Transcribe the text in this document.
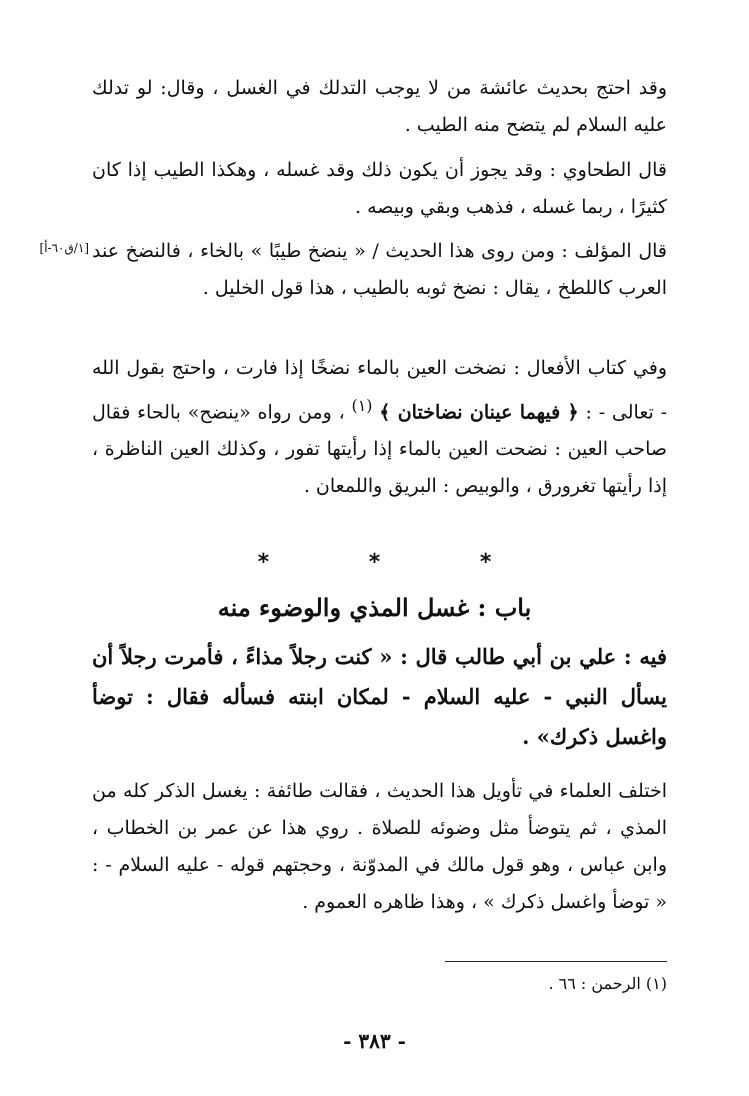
وقد احتج بحديث عائشة من لا يوجب التدلك في الغسل ، وقال: لو تدلك عليه السلام لم يتضح منه الطيب .

قال الطحاوي : وقد يجوز أن يكون ذلك وقد غسله ، وهكذا الطيب إذا كان كثيرًا ، ربما غسله ، فذهب وبقي وبيصه .

[١/ق٦٠-أ] قال المؤلف : ومن روى هذا الحديث / « ينضخ طيبًا » بالخاء ، فالنضخ عند العرب كاللطخ ، يقال : نضخ ثوبه بالطيب ، هذا قول الخليل .

وفي كتاب الأفعال : نضخت العين بالماء نضخًا إذا فارت ، واحتج بقول الله - تعالى - : ﴿ فيهما عينان نضاختان ﴾ $^{(١)}$ ، ومن رواه «ينضح» بالحاء فقال صاحب العين : نضحت العين بالماء إذا رأيتها تفور ، وكذلك العين الناظرة ، إذا رأيتها تغرورق ، والوبيص : البريق واللمعان .

* * *
باب : غسل المذي والوضوء منه

فيه : علي بن أبي طالب قال : « كنت رجلاً مذاءً ، فأمرت رجلاً أن يسأل النبي - عليه السلام - لمكان ابنته فسأله فقال : توضأ واغسل ذكرك» .

اختلف العلماء في تأويل هذا الحديث ، فقالت طائفة : يغسل الذكر كله من المذي ، ثم يتوضأ مثل وضوئه للصلاة . روي هذا عن عمر بن الخطاب ، وابن عباس ، وهو قول مالك في المدوّنة ، وحجتهم قوله - عليه السلام - : « توضأ واغسل ذكرك » ، وهذا ظاهره العموم .

(١) الرحمن : ٦٦ .

- ٣٨٣ -
